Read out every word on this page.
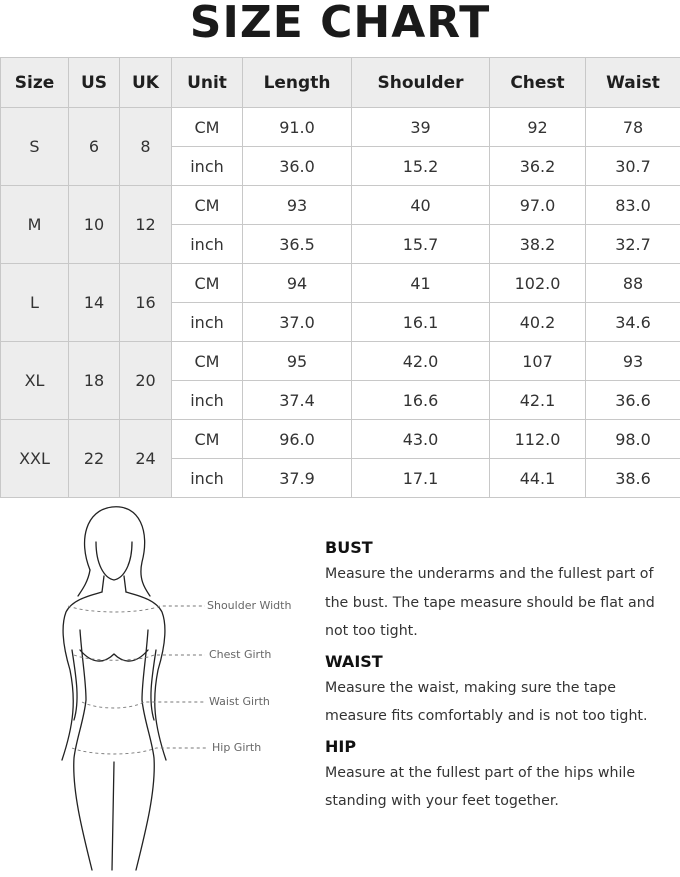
SIZE CHART
Size	US	UK	Unit	Length	Shoulder	Chest	Waist
S	6	8	CM	91.0	39	92	78
			inch	36.0	15.2	36.2	30.7
M	10	12	CM	93	40	97.0	83.0
			inch	36.5	15.7	38.2	32.7
L	14	16	CM	94	41	102.0	88
			inch	37.0	16.1	40.2	34.6
XL	18	20	CM	95	42.0	107	93
			inch	37.4	16.6	42.1	36.6
XXL	22	24	CM	96.0	43.0	112.0	98.0
			inch	37.9	17.1	44.1	38.6
Shoulder Width
Chest Girth
Waist Girth
Hip Girth
BUST

Measure the underarms and the fullest part of the bust. The tape measure should be flat and not too tight.

WAIST

Measure the waist, making sure the tape measure fits comfortably and is not too tight.

HIP

Measure at the fullest part of the hips while standing with your feet together.
